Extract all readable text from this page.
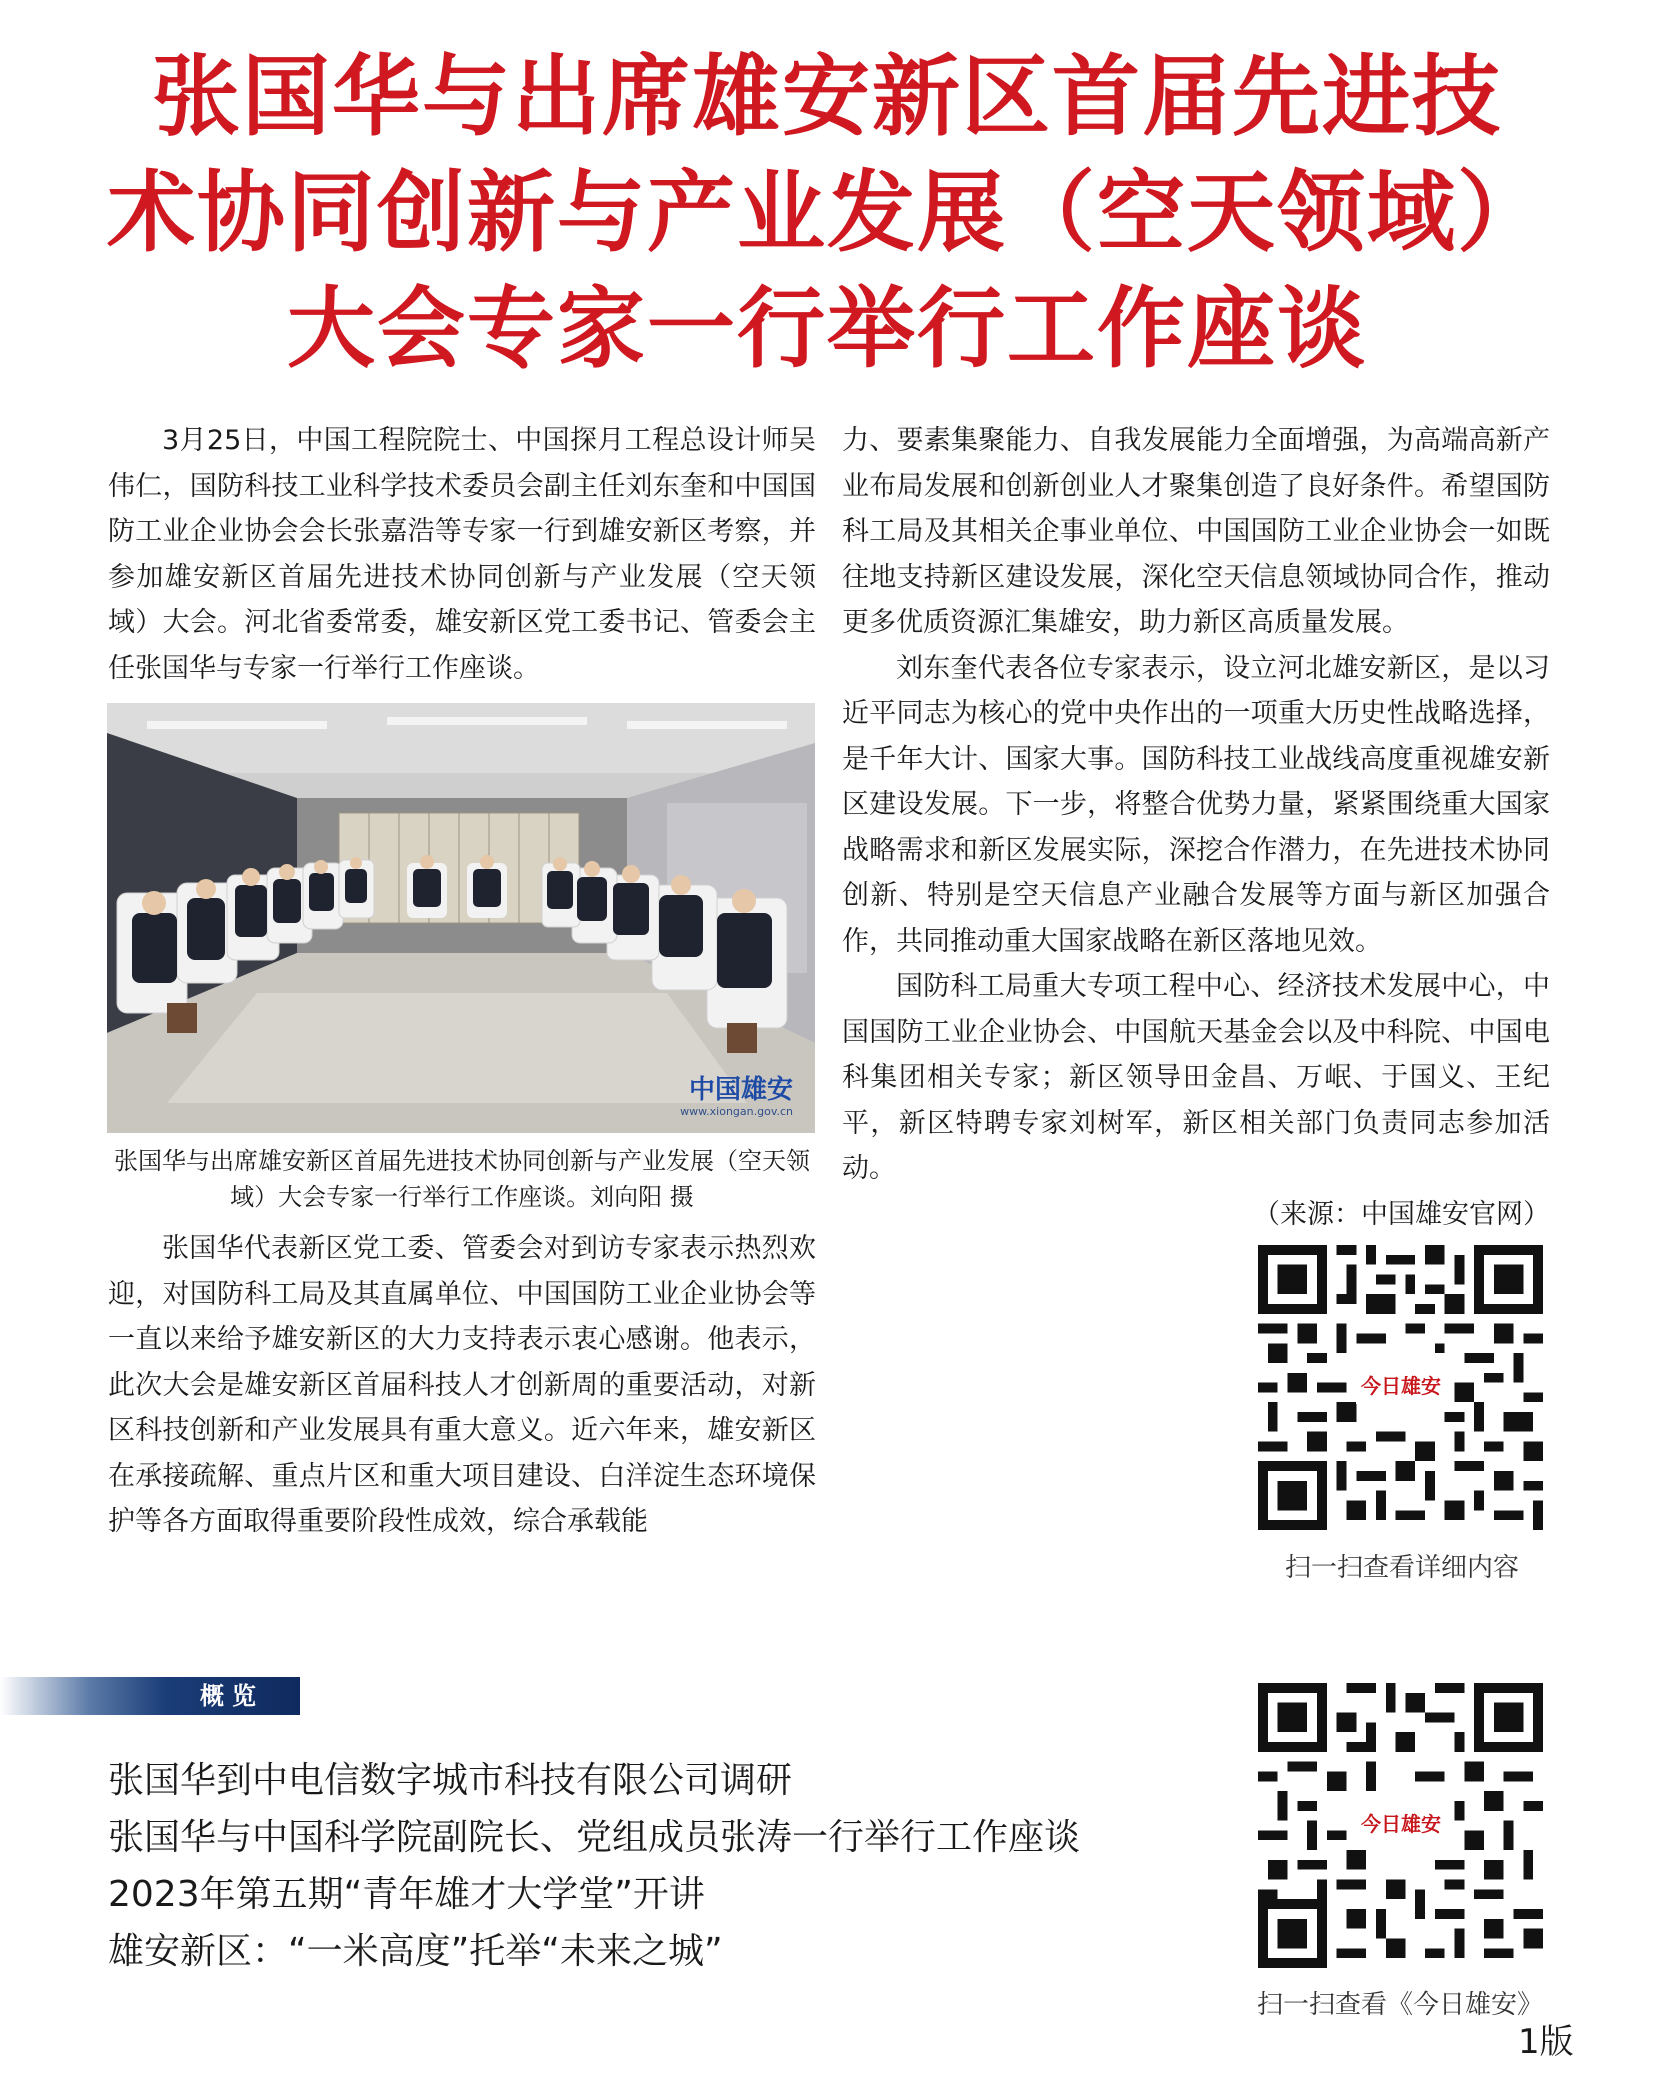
张国华与出席雄安新区首届先进技
术协同创新与产业发展（空天领域）
大会专家一行举行工作座谈

3月25日，中国工程院院士、中国探月工程总设计师吴伟仁，国防科技工业科学技术委员会副主任刘东奎和中国国防工业企业协会会长张嘉浩等专家一行到雄安新区考察，并参加雄安新区首届先进技术协同创新与产业发展（空天领域）大会。河北省委常委，雄安新区党工委书记、管委会主任张国华与专家一行举行工作座谈。

中国雄安
www.xiongan.gov.cn

张国华与出席雄安新区首届先进技术协同创新与产业发展（空天领域）大会专家一行举行工作座谈。刘向阳 摄

张国华代表新区党工委、管委会对到访专家表示热烈欢迎，对国防科工局及其直属单位、中国国防工业企业协会等一直以来给予雄安新区的大力支持表示衷心感谢。他表示，此次大会是雄安新区首届科技人才创新周的重要活动，对新区科技创新和产业发展具有重大意义。近六年来，雄安新区在承接疏解、重点片区和重大项目建设、白洋淀生态环境保护等各方面取得重要阶段性成效，综合承载能

力、要素集聚能力、自我发展能力全面增强，为高端高新产业布局发展和创新创业人才聚集创造了良好条件。希望国防科工局及其相关企事业单位、中国国防工业企业协会一如既往地支持新区建设发展，深化空天信息领域协同合作，推动更多优质资源汇集雄安，助力新区高质量发展。

刘东奎代表各位专家表示，设立河北雄安新区，是以习近平同志为核心的党中央作出的一项重大历史性战略选择，是千年大计、国家大事。国防科技工业战线高度重视雄安新区建设发展。下一步，将整合优势力量，紧紧围绕重大国家战略需求和新区发展实际，深挖合作潜力，在先进技术协同创新、特别是空天信息产业融合发展等方面与新区加强合作，共同推动重大国家战略在新区落地见效。

国防科工局重大专项工程中心、经济技术发展中心，中国国防工业企业协会、中国航天基金会以及中科院、中国电科集团相关专家；新区领导田金昌、万岷、于国义、王纪平，新区特聘专家刘树军，新区相关部门负责同志参加活动。

（来源：中国雄安官网）
今日雄安
扫一扫查看详细内容
概览
张国华到中电信数字城市科技有限公司调研
张国华与中国科学院副院长、党组成员张涛一行举行工作座谈
2023年第五期“青年雄才大学堂”开讲
雄安新区：“一米高度”托举“未来之城”
今日雄安
扫一扫查看《今日雄安》
1版
